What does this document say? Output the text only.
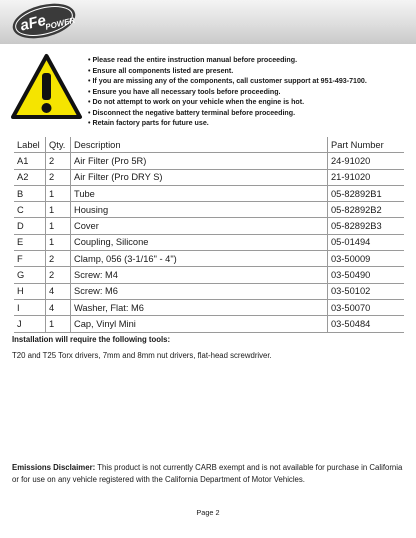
aFe
POWER
• Please read the entire instruction manual before proceeding.
• Ensure all components listed are present.
• If you are missing any of the components, call customer support at 951-493-7100.
• Ensure you have all necessary tools before proceeding.
• Do not attempt to work on your vehicle when the engine is hot.
• Disconnect the negative battery terminal before proceeding.
• Retain factory parts for future use.
Label	Qty.	Description	Part Number
A1	2	Air Filter (Pro 5R)	24-91020
A2	2	Air Filter (Pro DRY S)	21-91020
B	1	Tube	05-82892B1
C	1	Housing	05-82892B2
D	1	Cover	05-82892B3
E	1	Coupling, Silicone	05-01494
F	2	Clamp, 056 (3-1/16" - 4")	03-50009
G	2	Screw: M4	03-50490
H	4	Screw: M6	03-50102
I	4	Washer, Flat: M6	03-50070
J	1	Cap, Vinyl Mini	03-50484
Installation will require the following tools:
T20 and T25 Torx drivers, 7mm and 8mm nut drivers, flat-head screwdriver.
Emissions Disclaimer: This product is not currently CARB exempt and is not available for purchase in California or for use on any vehicle registered with the California Department of Motor Vehicles.
Page 2
